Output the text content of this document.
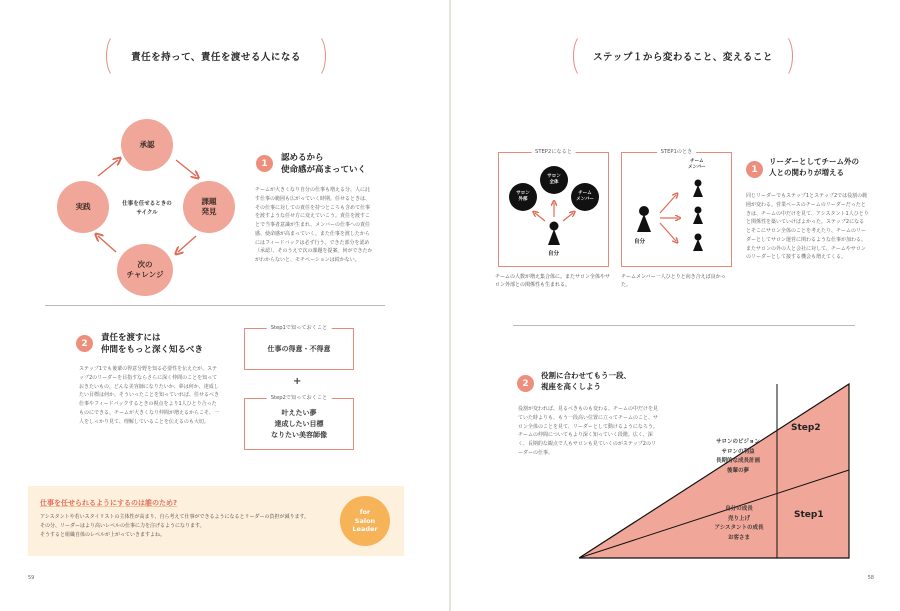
責任を持って、責任を渡せる人になる
承認
課題
発見
次の
チャレンジ
実践	仕事を任せるときの
サイクル
1
認めるから
使命感が高まっていく
チームが大きくなり自分の仕事も増える分、人に託す仕事の範囲も広がっていく時期。任せるときは、その仕事に対しての責任を持つところも含めて仕事を渡すような任せ方に変えていこう。責任を渡すことで当事者意識が生まれ、メンバーの仕事への責任感、使命感が高まっていく。また仕事を渡したからにはフィードバックは必ず行う。できた部分を認め（承認）、そのうえで次の課題を提案。何ができたかがわからないと、モチベーションは続かない。
2
責任を渡すには
仲間をもっと深く知るべき
ステップ1でも後輩の得意分野を知る必要性を伝えたが、ステップ2のリーダーを目指すならさらに深く仲間のことを知っておきたいもの。どんな美容師になりたいか、夢は何か、達成したい目標は何か。そういったことを知っていれば、任せるべき仕事やフィードバックするときの視点をより1人ひとり合ったものにできる。チームが大きくなり仲間が増えるからこそ、一人をしっかり見て、理解していることを伝えるのも大切。
Step1で知っておくこと
仕事の得意・不得意
+
Step2で知っておくこと
叶えたい夢
達成したい目標
なりたい美容師像
仕事を任せられるようにするのは誰のため?
アシスタントや若いスタイリストの主体性が高まり、自ら考えて仕事ができるようになるとリーダーの負担が減ります。
その分、リーダーはより高いレベルの仕事に力を注げるようになります。
そうすると組織自体のレベルが上がっていきますよね。
for
Salon
Leader
59
ステップ１から変わること、変えること
STEP2になると
サロン
外部
サロン
全体
チーム
メンバー
自分
チームの人数が増え集合体に。またサロン全体やサロン外部との関係性も生まれる。
STEP1のとき
チーム
メンバー
自分
チームメンバー一人ひとりと向き合えば良かった。
1
リーダーとしてチーム外の
人との関わりが増える
同じリーダーでもステップ1とステップ2では役割の範囲が変わる。営業ベースのチームのリーダーだったときは、チームの中だけを見て、アシスタント1人ひとりと関係性を築いていけばよかった。ステップ2になるとそこにサロン全体のことを考えたり、チームのリーダーとしてサロン運営に関わるような仕事が加わる。またサロンの外の人と会社に対して、チームやサロンのリーダーとして接する機会も増えてくる。
2
役割に合わせてもう一段、
視座を高くしよう
役割が変われば、見るべきものも変わる。チームの中だけを見ていた時よりも、もう一段高い位置に立ってチームのこと、サロン全体のことを見て、リーダーとして動けるようになろう。チームの仲間についてもより深く知っていく段階。広く、深く、長期的な観点で人もサロンも見ていくのがステップ2のリーダーの仕事。
Step2
サロンのビジョン
サロンの利益
長期的な成長計画
後輩の夢
Step1
自分の成長
売り上げ
アシスタントの成長
お客さま
58
